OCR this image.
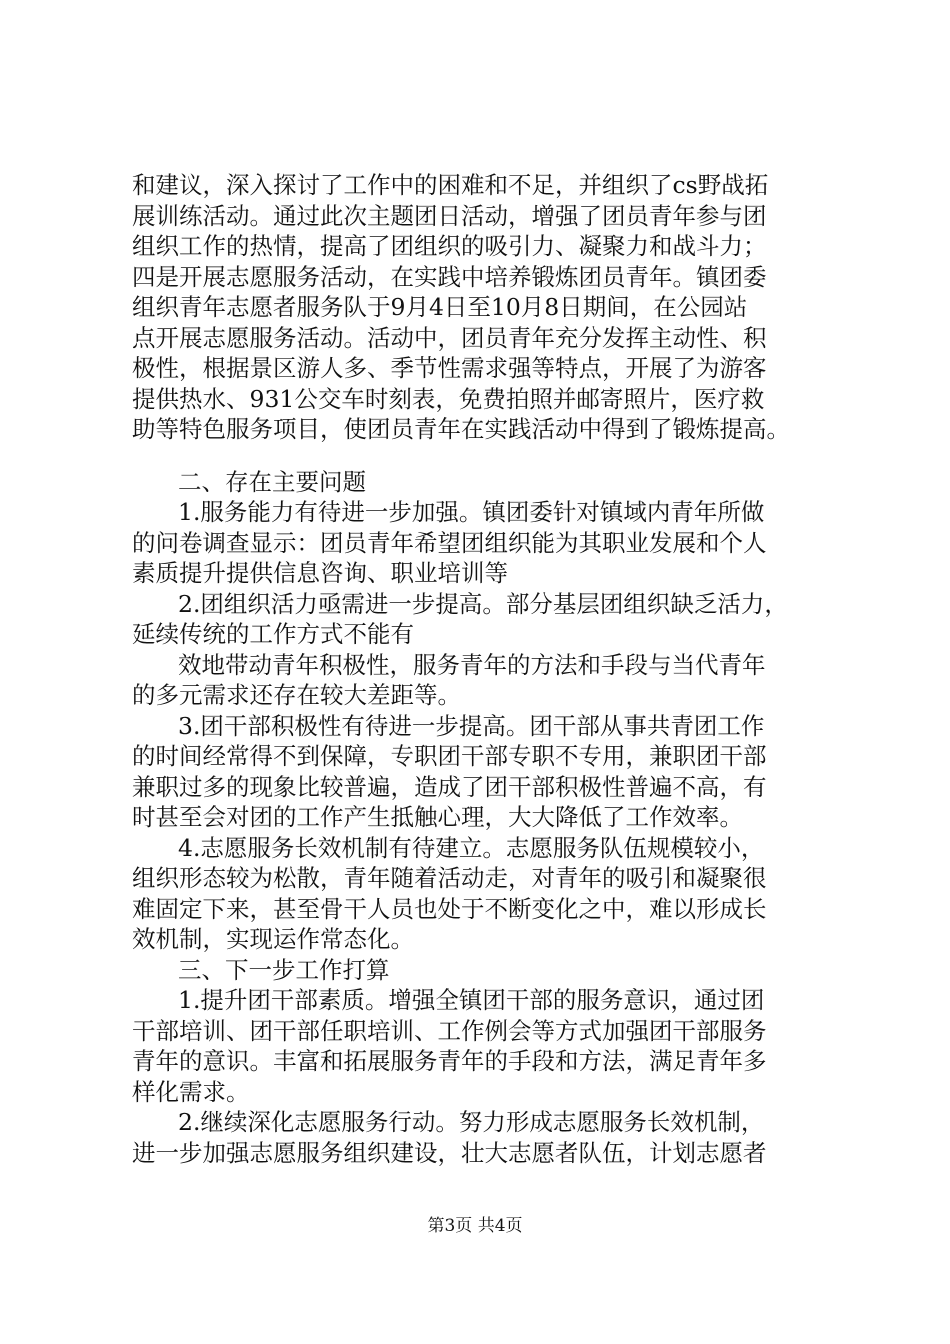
和建议，深入探讨了工作中的困难和不足，并组织了cs野战拓
展训练活动。通过此次主题团日活动，增强了团员青年参与团
组织工作的热情，提高了团组织的吸引力、凝聚力和战斗力；
四是开展志愿服务活动，在实践中培养锻炼团员青年。镇团委
组织青年志愿者服务队于9月4日至10月8日期间，在公园站
点开展志愿服务活动。活动中，团员青年充分发挥主动性、积
极性，根据景区游人多、季节性需求强等特点，开展了为游客
提供热水、931公交车时刻表，免费拍照并邮寄照片，医疗救
助等特色服务项目，使团员青年在实践活动中得到了锻炼提高。
二、存在主要问题
1.服务能力有待进一步加强。镇团委针对镇域内青年所做
的问卷调查显示：团员青年希望团组织能为其职业发展和个人
素质提升提供信息咨询、职业培训等
2.团组织活力亟需进一步提高。部分基层团组织缺乏活力，
延续传统的工作方式不能有
效地带动青年积极性，服务青年的方法和手段与当代青年
的多元需求还存在较大差距等。
3.团干部积极性有待进一步提高。团干部从事共青团工作
的时间经常得不到保障，专职团干部专职不专用，兼职团干部
兼职过多的现象比较普遍，造成了团干部积极性普遍不高，有
时甚至会对团的工作产生抵触心理，大大降低了工作效率。
4.志愿服务长效机制有待建立。志愿服务队伍规模较小，
组织形态较为松散，青年随着活动走，对青年的吸引和凝聚很
难固定下来，甚至骨干人员也处于不断变化之中，难以形成长
效机制，实现运作常态化。
三、下一步工作打算
1.提升团干部素质。增强全镇团干部的服务意识，通过团
干部培训、团干部任职培训、工作例会等方式加强团干部服务
青年的意识。丰富和拓展服务青年的手段和方法，满足青年多
第3页 共4页
样化需求。
2.继续深化志愿服务行动。努力形成志愿服务长效机制，
进一步加强志愿服务组织建设，壮大志愿者队伍，计划志愿者
